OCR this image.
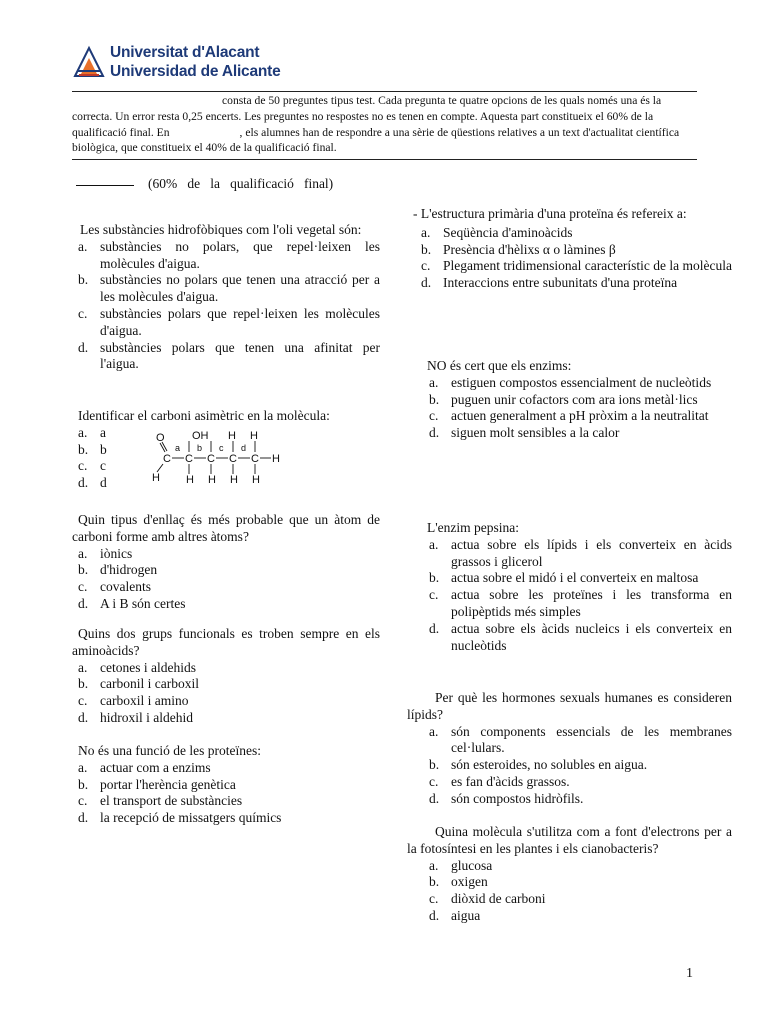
Universitat d'Alacant
Universidad de Alicante
consta de 50 preguntes tipus test. Cada pregunta te quatre opcions de les quals només una és la correcta. Un error resta 0,25 encerts. Les preguntes no respostes no es tenen en compte. Aquesta part constitueix el 60% de la qualificació final. En	, els alumnes han de respondre a una sèrie de qüestions relatives a un text d'actualitat científica biològica, que constitueix el 40% de la qualificació final.
(60%   de   la   qualificació   final)
Les substàncies hidrofòbiques com l'oli vegetal són:
a. substàncies no polars, que repel·leixen les molècules d'aigua.
b. substàncies no polars que tenen una atracció per a les molècules d'aigua.
c. substàncies polars que repel·leixen les molècules d'aigua.
d. substàncies polars que tenen una afinitat per l'aigua.
Identificar el carboni asimètric en la molècula:
a. a
b. b
c. c
d. d
Quin tipus d'enllaç és més probable que un àtom de carboni forme amb altres àtoms?
a. iònics
b. d'hidrogen
c. covalents
d. A i B són certes
Quins dos grups funcionals es troben sempre en els aminoàcids?
a. cetones i aldehids
b. carbonil i carboxil
c. carboxil i amino
d. hidroxil i aldehid
No és una funció de les proteïnes:
a. actuar com a enzims
b. portar l'herència genètica
c. el transport de substàncies
d. la recepció de missatgers químics
O OH H H
C C C C C H
H H H H H
a b c d
- L'estructura primària d'una proteïna és refereix a:
a. Seqüència d'aminoàcids
b. Presència d'hèlixs α o làmines β
c. Plegament tridimensional característic de la molècula
d. Interaccions entre subunitats d'una proteïna
NO és cert que els enzims:
a. estiguen compostos essencialment de nucleòtids
b. puguen unir cofactors com ara ions metàl·lics
c. actuen generalment a pH pròxim a la neutralitat
d. siguen molt sensibles a la calor
L'enzim pepsina:
a. actua sobre els lípids i els converteix en àcids grassos i glicerol
b. actua sobre el midó i el converteix en maltosa
c. actua sobre les proteïnes i les transforma en polipèptids més simples
d. actua sobre els àcids nucleics i els converteix en nucleòtids
Per què les hormones sexuals humanes es consideren lípids?
a. són components essencials de les membranes cel·lulars.
b. són esteroides, no solubles en aigua.
c. es fan d'àcids grassos.
d. són compostos hidròfils.
Quina molècula s'utilitza com a font d'electrons per a la fotosíntesi en les plantes i els cianobacteris?
a. glucosa
b. oxigen
c. diòxid de carboni
d. aigua
1
